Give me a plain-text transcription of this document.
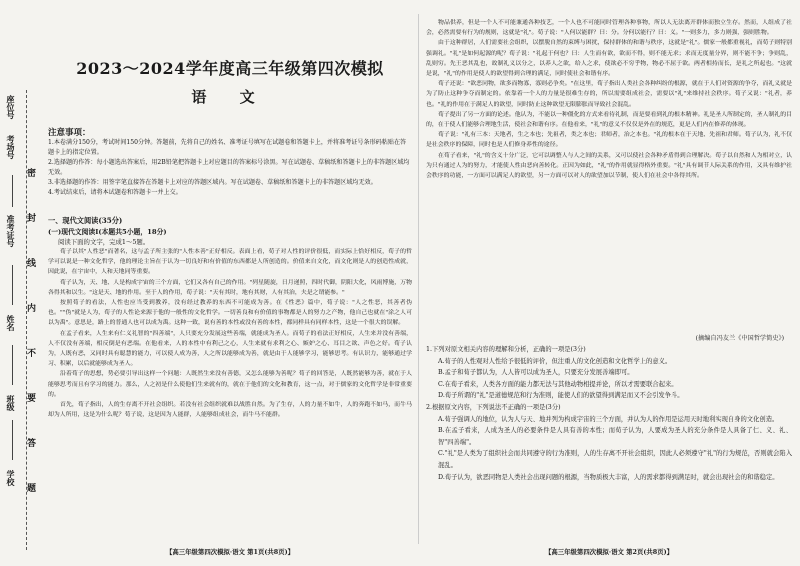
学校
班级
姓名
准考证号
考场号
座位号
密
封
线
内
不
要
答
题
2023～2024学年度高三年级第四次模拟
语 文
注意事项：

1.本卷满分150分，考试时间150分钟。答题前，先将自己的姓名、准考证号填写在试题卷和答题卡上，并将准考证号条形码粘贴在答题卡上的指定位置。

2.选择题的作答：每小题选出答案后，用2B铅笔把答题卡上对应题目的答案标号涂黑。写在试题卷、草稿纸和答题卡上的非答题区域均无效。

3.非选择题的作答：用签字笔直接答在答题卡上对应的答题区域内。写在试题卷、草稿纸和答题卡上的非答题区域均无效。

4.考试结束后，请将本试题卷和答题卡一并上交。

一、现代文阅读(35分)
(一)现代文阅读Ⅰ(本题共5小题，18分)
阅读下面的文字，完成1～5题。

荀子以其"人性恶"而著名，这与孟子所主张的"人性本善"正好相反。表面上看，荀子对人性的评价很低，而实际上恰好相反，荀子的哲学可以说是一种文化哲学，他的理论主旨在于认为一切良好和有价值的东西都是人所创造的。价值来自文化，而文化则是人的创造性成就，因此说，在宇宙中，人和天地同等重要。

荀子认为，天、地、人是构成宇宙的三个方面，它们又各有自己的作用。"列星随旋，日月递照，四时代御，阴阳大化，风雨博施，万物各得其和以生。"这是天、地的作用。至于人的作用，荀子说："天有其时，地有其财，人有其治，夫是之谓能参。"

按照荀子的看法，人性也应当受到教养，没有经过教养的东西不可能成为善。在《性恶》篇中，荀子说："人之性恶，其善者伪也。""伪"就是人为，荀子的人性论来源于他的一般性的文化哲学。一切善良和有价值的事物都是人的努力之产物，他自己也就在"涂之人可以为禹"。意思是，路上的普通人也可以成为禹。这种一致，说有善的本性或没有善的本性，都同样具有同样本性，这是一个很大的误解。

在孟子看来，人生来有仁义礼智的"四善端"，人只要充分发展这些善端，就能成为圣人。而荀子的看法正好相反，人生来并没有善端，人不仅没有善端，相反倒是有恶端。在他看来，人的本性中有利己之心，人生来就有求利之心、嫉妒之心、耳目之欲、声色之好。荀子认为，人既有恶，又同时具有聪慧的能力，可以使人成为善，人之所以能够成为善，就是由于人能够学习，能够思考。有认识力，能够通过学习、积累，以后就能够成为圣人。

沿着荀子的思想，势必要引导出这样一个问题：人既然生来没有善德，又怎么能够为善呢？荀子的回答是，人既然能够为善，就在于人能够思考而且有学习的能力。那么，人之初是什么使他们生来就有的，就在于他们的文化和教育，这一点，对于儒家的文化哲学是非常重要的。

首先，荀子指出，人的生存离不开社会组织。若没有社会组织就难以战胜自然。为了生存，人的力量不如牛，人的奔跑不如马，而牛马却为人所用，这是为什么呢？荀子说，这是因为人能群，人能够组成社会，而牛马不能群。

【高三年级第四次模拟·语文 第1页(共8页)】

物品供养，但是一个人不可能兼通各种技艺，一个人也不可能同时管理各种事物，所以人无法离开群体而独立生存。然而，人组成了社会，必然需要有行为的规则，这就是"礼"。荀子说："人何以能群？曰：分。分何以能行？曰：义。"一则多力，多力则强，强则胜物。

由于这种群居，人们需要社会组织，以摆脱自然的束缚与困扰，保持群体的和谐与秩序，这就是"礼"。儒家一般都重视礼，而荀子则特别强调礼。"礼"是如何起源的呢？荀子说："礼起于何也？曰：人生而有欲，欲而不得，则不能无求；求而无度量分界，则不能不争；争则乱，乱则穷。先王恶其乱也，故制礼义以分之，以养人之欲，给人之求，使欲必不穷乎物，物必不屈于欲。两者相持而长，是礼之所起也。"这就是说，"礼"的作用是使人的欲望得到合理的满足，同时使社会和谐有序。

荀子还说："欲恶同物，欲多而物寡，寡则必争矣。"在这里，荀子指出人类社会各种纠纷的根源，就在于人们对资源的争夺，而礼义就是为了防止这种争夺而制定的。依靠着一个人的力量是很难生存的，所以需要组成社会，需要以"礼"来维持社会秩序。荀子又说："礼者，养也。"礼的作用在于满足人的欲望，同时防止这种欲望无限膨胀而导致社会混乱。

荀子提出了另一方面的论述。他认为，不能以一种僵化的方式来看待礼制，而是要看到礼的根本精神。礼是圣人所制定的，圣人制礼的目的，在于使人们能够合理地生活，使社会和谐有序。在他看来，"礼"的意义不仅仅是外在的规范，更是人们内在修养的体现。

荀子说："礼有三本：天地者，生之本也；先祖者，类之本也；君师者，治之本也。"礼的根本在于天地、先祖和君师。荀子认为，礼不仅是社会秩序的保障，同时也是人们修身养性的途径。

在荀子看来，"礼"的含义十分广泛，它可以调整人与人之间的关系，又可以使社会各种矛盾得到合理解决。荀子以自然和人为相对立，认为只有通过人为的努力，才能使人性由恶向善转化。正因为如此，"礼"的作用就显得格外重要。"礼"具有调节人际关系的作用，又具有维护社会秩序的功能，一方面可以满足人的欲望，另一方面可以对人的欲望加以节制，使人们在社会中各得其所。

(摘编自冯友兰《中国哲学简史》)

1.下列对原文相关内容的理解和分析，正确的一项是(3分)

A.荀子的人性观对人性给予很低的评价，但注重人的文化创造和文化哲学上的意义。

B.孟子和荀子都认为，人人皆可以成为圣人，只要充分发展善端即可。

C.在荀子看来，人类各方面的能力都无法与其他动物相提并论，所以才需要联合起来。

D.荀子所谓的"礼"是道德规范和行为准则，能使人们的欲望得到满足而又不会引发争斗。

2.根据原文内容，下列说法不正确的一项是(3分)

A.荀子强调人的地位，认为人与天、地并列为构成宇宙的三个方面，并认为人的作用是运用天时地利实现自身的文化创造。

B.在孟子看来，人成为圣人的必要条件是人具有善的本性；而荀子认为，人要成为圣人的充分条件是人具备了仁、义、礼、智"四善端"。

C."礼"是人类为了组织社会而共同遵守的行为准则，人的生存离不开社会组织，因此人必须遵守"礼"的行为规范，否则就会陷入混乱。

D.荀子认为，欲恶同物是人类社会出现问题的根源，当物质极大丰富，人的需求都得到满足时，就会出现社会的和谐稳定。

【高三年级第四次模拟·语文 第2页(共8页)】
